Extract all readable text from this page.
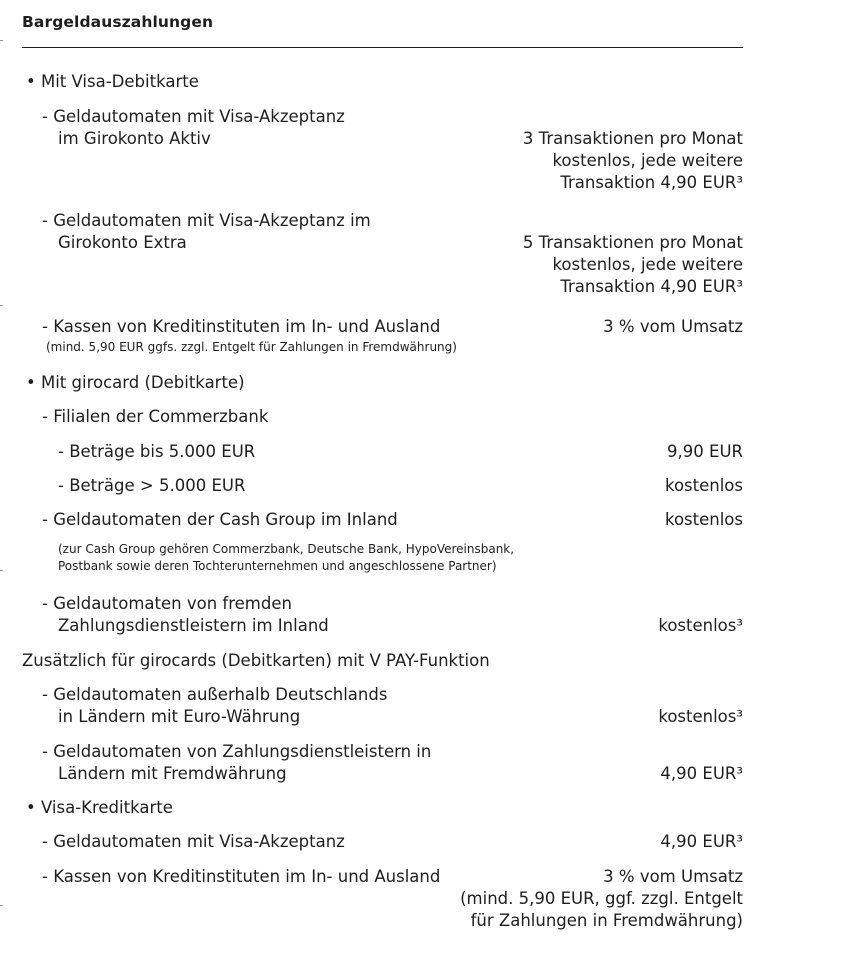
Bargeldauszahlungen
• Mit Visa-Debitkarte
- Geldautomaten mit Visa-Akzeptanz
im Girokonto Aktiv	3 Transaktionen pro Monat
kostenlos, jede weitere
Transaktion 4,90 EUR³
- Geldautomaten mit Visa-Akzeptanz im
Girokonto Extra	5 Transaktionen pro Monat
kostenlos, jede weitere
Transaktion 4,90 EUR³
- Kassen von Kreditinstituten im In- und Ausland	3 % vom Umsatz
(mind. 5,90 EUR ggfs. zzgl. Entgelt für Zahlungen in Fremdwährung)
• Mit girocard (Debitkarte)
- Filialen der Commerzbank
- Beträge bis 5.000 EUR	9,90 EUR
- Beträge > 5.000 EUR	kostenlos
- Geldautomaten der Cash Group im Inland	kostenlos
(zur Cash Group gehören Commerzbank, Deutsche Bank, HypoVereinsbank,
Postbank sowie deren Tochterunternehmen und angeschlossene Partner)
- Geldautomaten von fremden
Zahlungsdienstleistern im Inland	kostenlos³
Zusätzlich für girocards (Debitkarten) mit V PAY-Funktion
- Geldautomaten außerhalb Deutschlands
in Ländern mit Euro-Währung	kostenlos³
- Geldautomaten von Zahlungsdienstleistern in
Ländern mit Fremdwährung	4,90 EUR³
• Visa-Kreditkarte
- Geldautomaten mit Visa-Akzeptanz	4,90 EUR³
- Kassen von Kreditinstituten im In- und Ausland	3 % vom Umsatz
(mind. 5,90 EUR, ggf. zzgl. Entgelt
für Zahlungen in Fremdwährung)
